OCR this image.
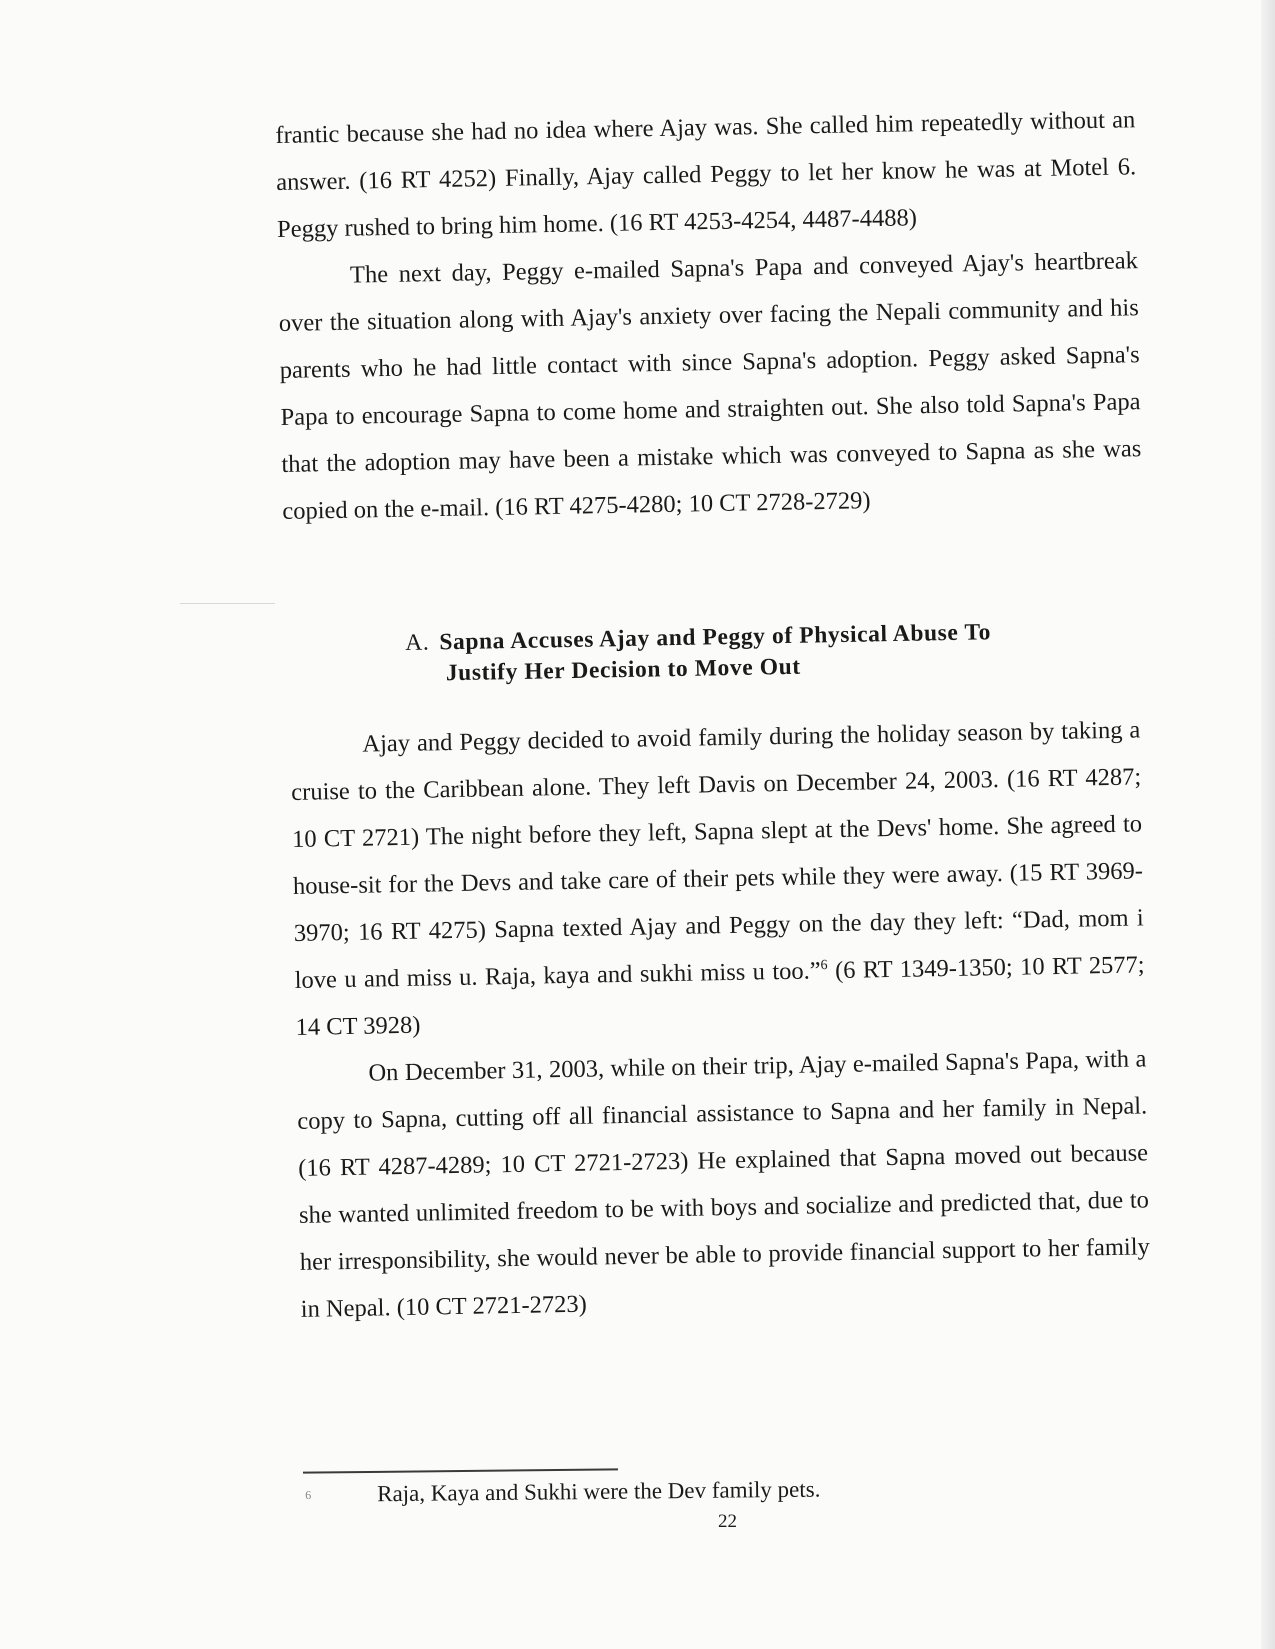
frantic because she had no idea where Ajay was. She called him repeatedly without an answer. (16 RT 4252) Finally, Ajay called Peggy to let her know he was at Motel 6. Peggy rushed to bring him home. (16 RT 4253-4254, 4487-4488)

The next day, Peggy e-mailed Sapna's Papa and conveyed Ajay's heartbreak over the situation along with Ajay's anxiety over facing the Nepali community and his parents who he had little contact with since Sapna's adoption. Peggy asked Sapna's Papa to encourage Sapna to come home and straighten out. She also told Sapna's Papa that the adoption may have been a mistake which was conveyed to Sapna as she was copied on the e-mail. (16 RT 4275-4280; 10 CT 2728-2729)

A. Sapna Accuses Ajay and Peggy of Physical Abuse To
Justify Her Decision to Move Out

Ajay and Peggy decided to avoid family during the holiday season by taking a cruise to the Caribbean alone. They left Davis on December 24, 2003. (16 RT 4287; 10 CT 2721) The night before they left, Sapna slept at the Devs' home. She agreed to house-sit for the Devs and take care of their pets while they were away. (15 RT 3969-3970; 16 RT 4275) Sapna texted Ajay and Peggy on the day they left: “Dad, mom i love u and miss u. Raja, kaya and sukhi miss u too.”$^6$ (6 RT 1349-1350; 10 RT 2577; 14 CT 3928)

On December 31, 2003, while on their trip, Ajay e-mailed Sapna's Papa, with a copy to Sapna, cutting off all financial assistance to Sapna and her family in Nepal. (16 RT 4287-4289; 10 CT 2721-2723) He explained that Sapna moved out because she wanted unlimited freedom to be with boys and socialize and predicted that, due to her irresponsibility, she would never be able to provide financial support to her family in Nepal. (10 CT 2721-2723)

$^6$	Raja, Kaya and Sukhi were the Dev family pets.
22
